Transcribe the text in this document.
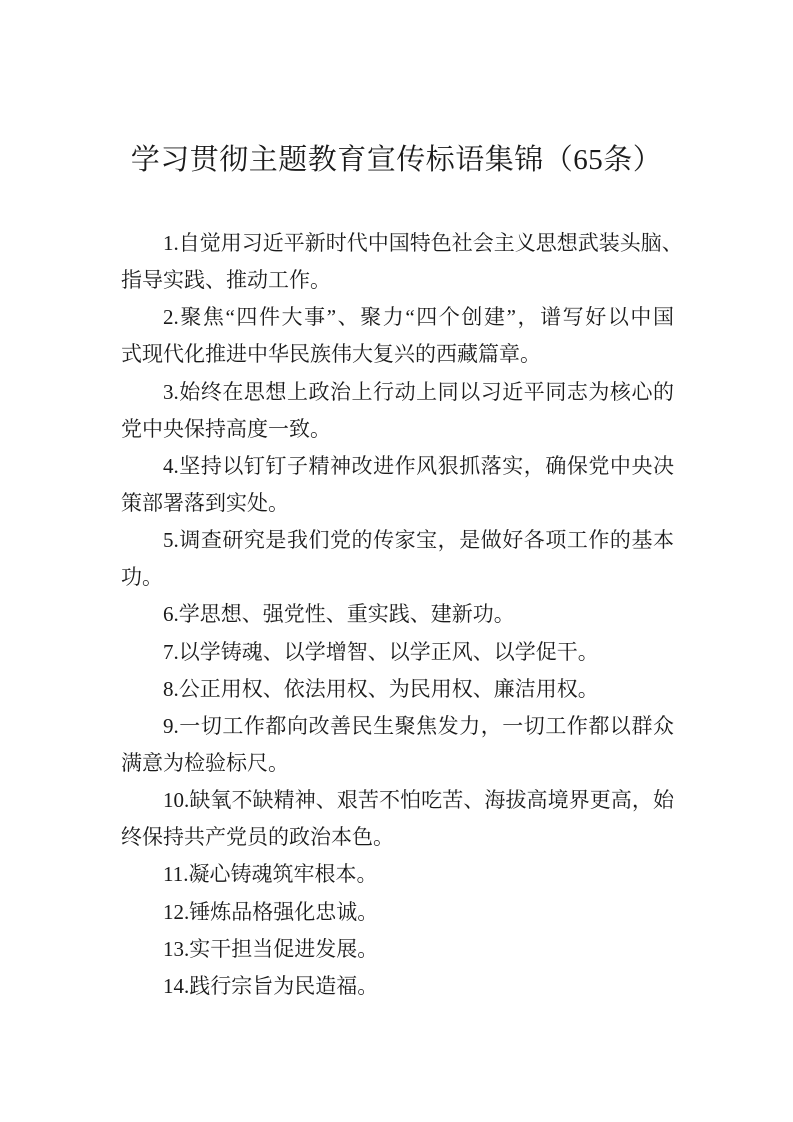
学习贯彻主题教育宣传标语集锦（65条）
1.自觉用习近平新时代中国特色社会主义思想武装头脑、
指导实践、推动工作。
2.聚焦“四件大事”、聚力“四个创建”，谱写好以中国
式现代化推进中华民族伟大复兴的西藏篇章。
3.始终在思想上政治上行动上同以习近平同志为核心的
党中央保持高度一致。
4.坚持以钉钉子精神改进作风狠抓落实，确保党中央决
策部署落到实处。
5.调查研究是我们党的传家宝，是做好各项工作的基本
功。
6.学思想、强党性、重实践、建新功。
7.以学铸魂、以学增智、以学正风、以学促干。
8.公正用权、依法用权、为民用权、廉洁用权。
9.一切工作都向改善民生聚焦发力，一切工作都以群众
满意为检验标尺。
10.缺氧不缺精神、艰苦不怕吃苦、海拔高境界更高，始
终保持共产党员的政治本色。
11.凝心铸魂筑牢根本。
12.锤炼品格强化忠诚。
13.实干担当促进发展。
14.践行宗旨为民造福。
